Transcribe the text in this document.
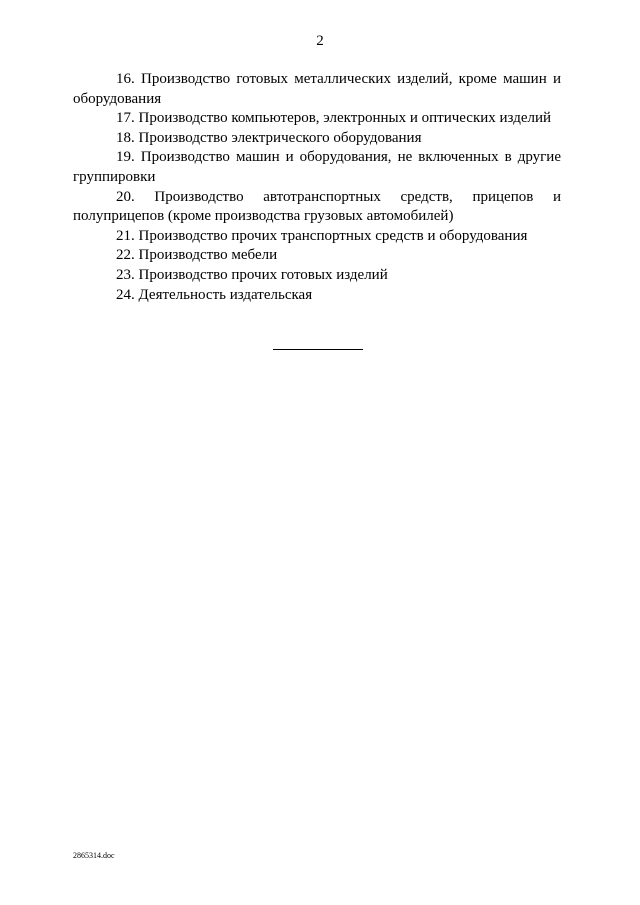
2

16. Производство готовых металлических изделий, кроме машин и оборудования

17. Производство компьютеров, электронных и оптических изделий

18. Производство электрического оборудования

19. Производство машин и оборудования, не включенных в другие группировки

20. Производство автотранспортных средств, прицепов и полуприцепов (кроме производства грузовых автомобилей)

21. Производство прочих транспортных средств и оборудования

22. Производство мебели

23. Производство прочих готовых изделий

24. Деятельность издательская

2865314.doc
